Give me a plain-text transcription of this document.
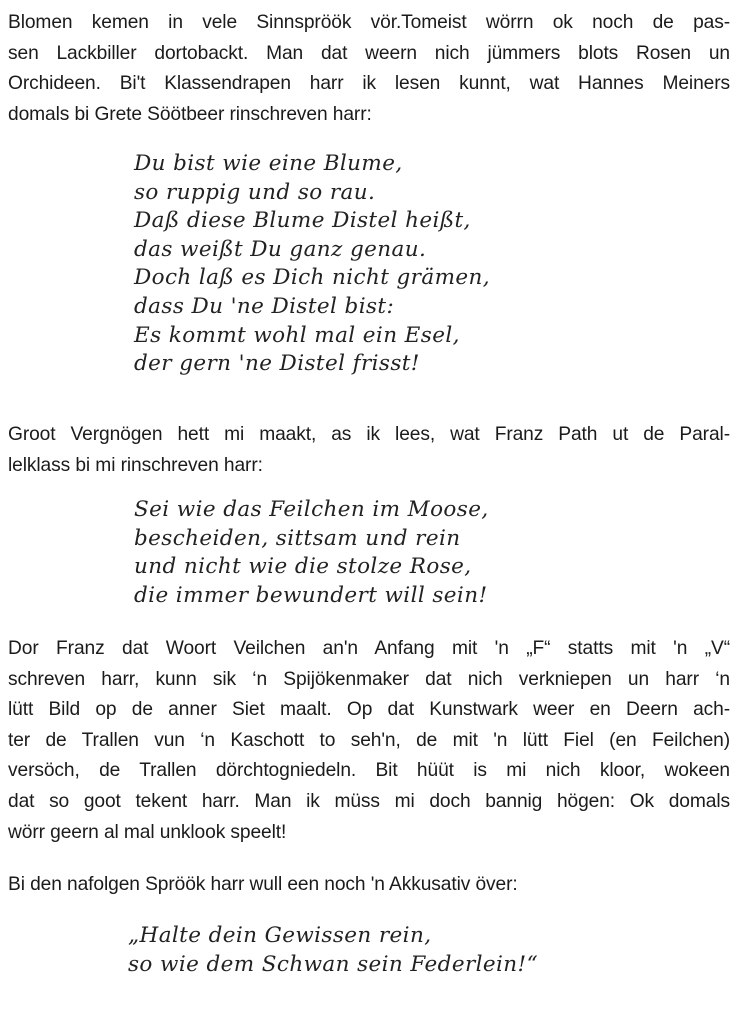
Blomen kemen in vele Sinnspröök vör.Tomeist wörrn ok noch de pas-
sen Lackbiller dortobackt. Man dat weern nich jümmers blots Rosen un
Orchideen. Bi't Klassendrapen harr ik lesen kunnt, wat Hannes Meiners
domals bi Grete Söötbeer rinschreven harr:
Du bist wie eine Blume,
so ruppig und so rau.
Daß diese Blume Distel heißt,
das weißt Du ganz genau.
Doch laß es Dich nicht grämen,
dass Du 'ne Distel bist:
Es kommt wohl mal ein Esel,
der gern 'ne Distel frisst!
Groot Vergnögen hett mi maakt, as ik lees, wat Franz Path ut de Paral-
lelklass bi mi rinschreven harr:
Sei wie das Feilchen im Moose,
bescheiden, sittsam und rein
und nicht wie die stolze Rose,
die immer bewundert will sein!
Dor Franz dat Woort Veilchen an'n Anfang mit 'n „F“ statts mit 'n „V“
schreven harr, kunn sik ‘n Spijökenmaker dat nich verkniepen un harr ‘n
lütt Bild op de anner Siet maalt. Op dat Kunstwark weer en Deern ach-
ter de Trallen vun ‘n Kaschott to seh'n, de mit 'n lütt Fiel (en Feilchen)
versöch, de Trallen dörchtogniedeln. Bit hüüt is mi nich kloor, wokeen
dat so goot tekent harr. Man ik müss mi doch bannig högen: Ok domals
wörr geern al mal unklook speelt!
Bi den nafolgen Spröök harr wull een noch 'n Akkusativ över:
„Halte dein Gewissen rein,
so wie dem Schwan sein Federlein!“
